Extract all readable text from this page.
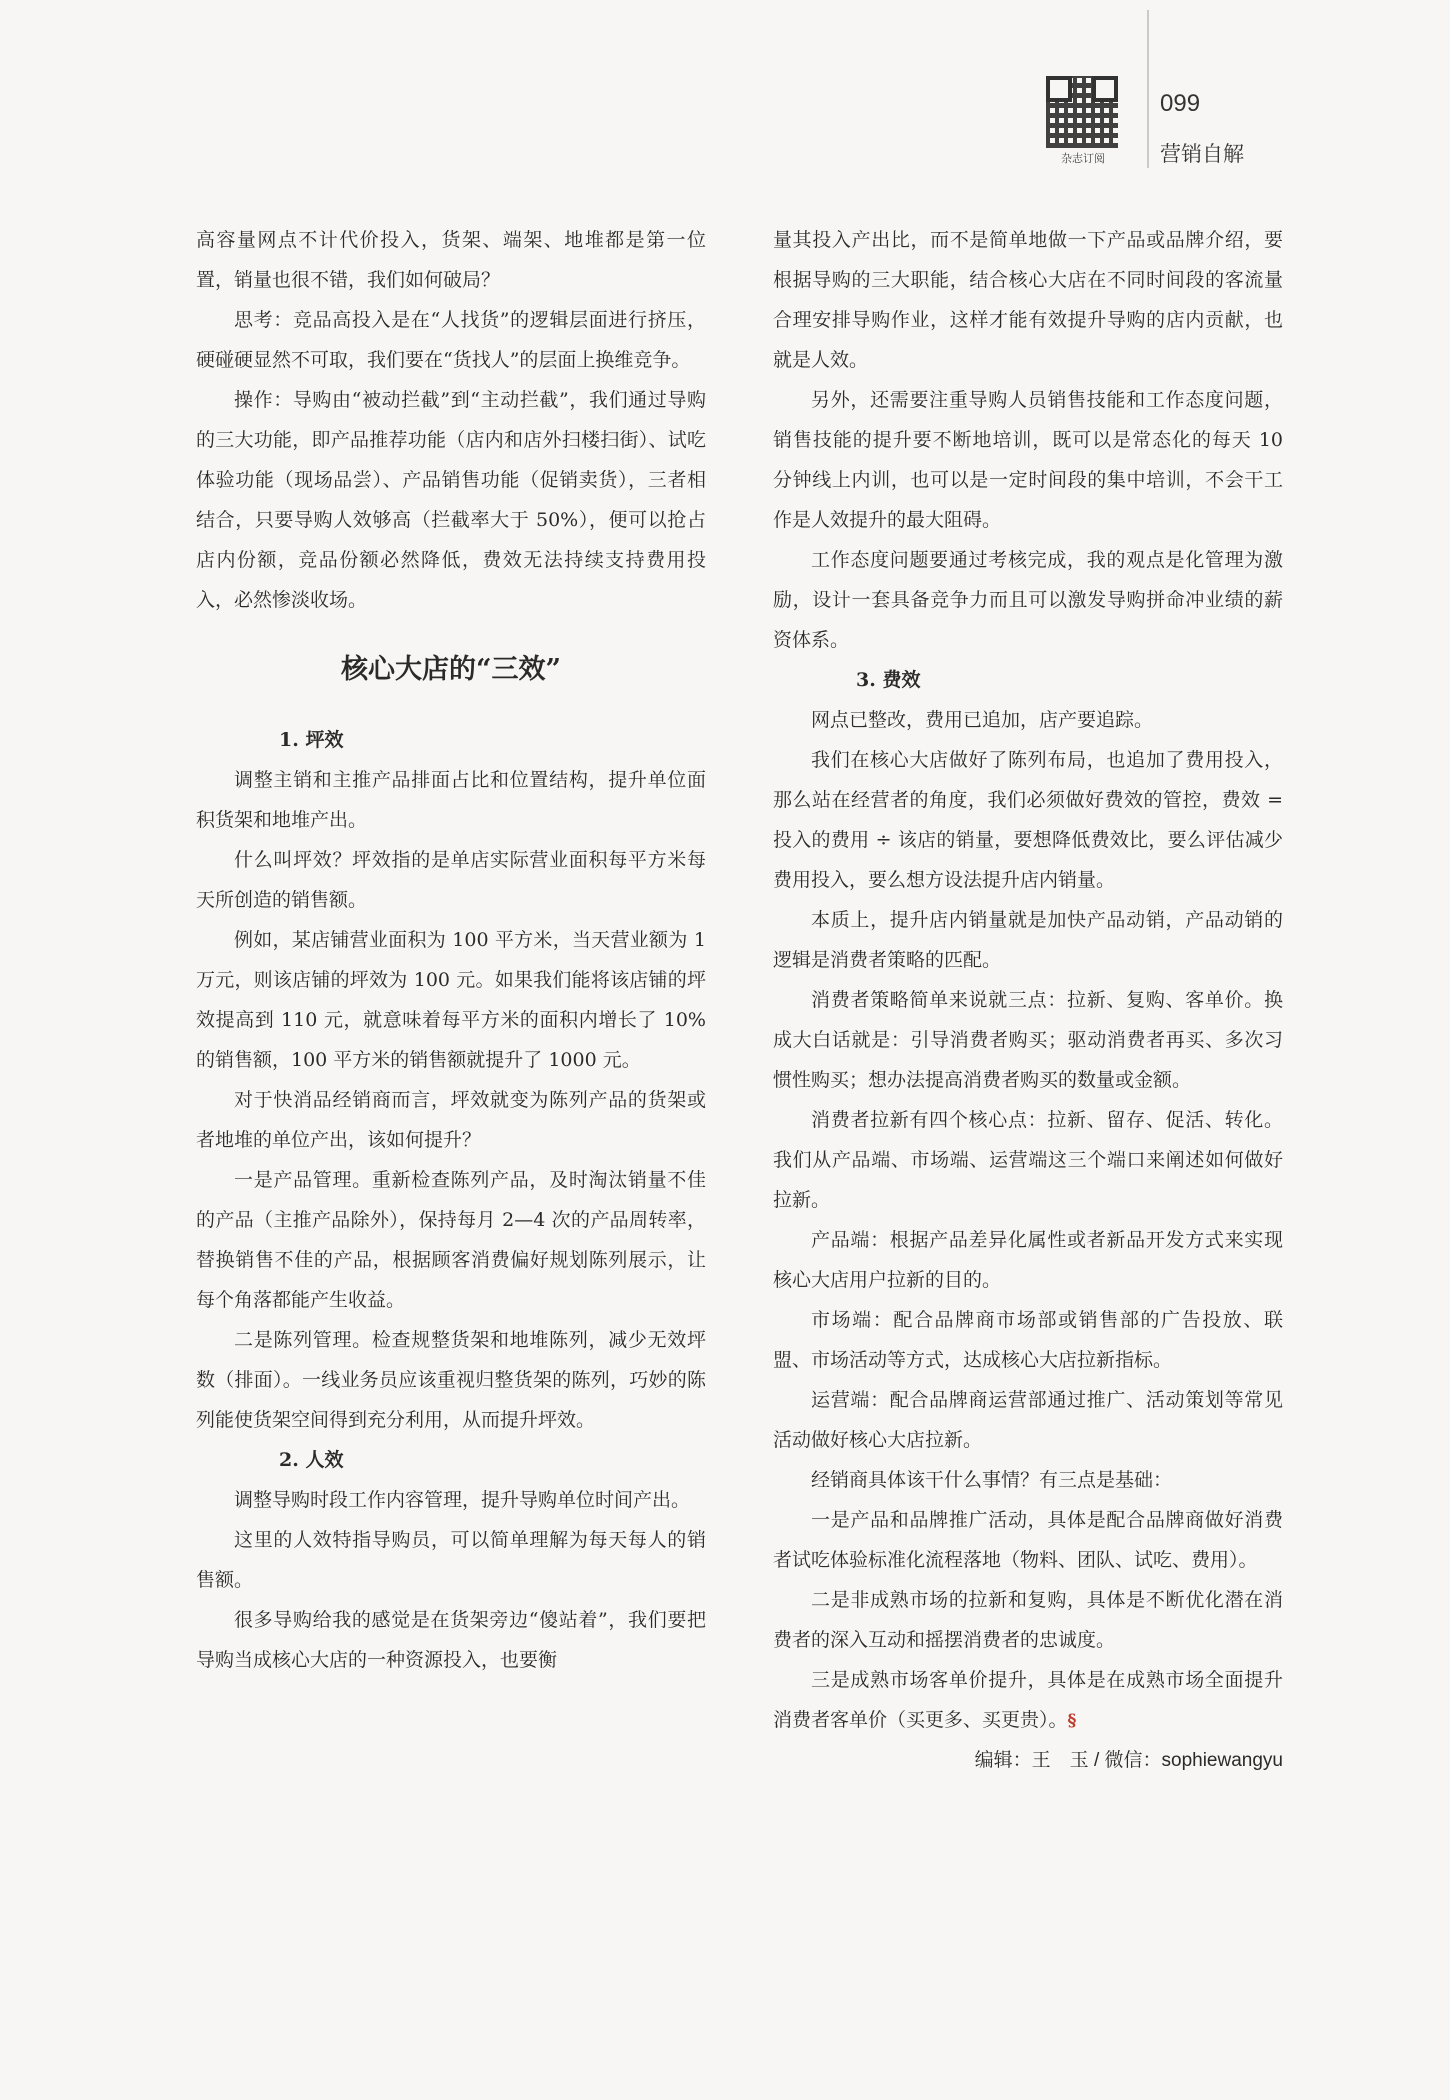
杂志订阅
099
营销自解

高容量网点不计代价投入，货架、端架、地堆都是第一位置，销量也很不错，我们如何破局？

思考：竞品高投入是在“人找货”的逻辑层面进行挤压，硬碰硬显然不可取，我们要在“货找人”的层面上换维竞争。

操作：导购由“被动拦截”到“主动拦截”，我们通过导购的三大功能，即产品推荐功能（店内和店外扫楼扫街）、试吃体验功能（现场品尝）、产品销售功能（促销卖货），三者相结合，只要导购人效够高（拦截率大于 50%），便可以抢占店内份额，竞品份额必然降低，费效无法持续支持费用投入，必然惨淡收场。

核心大店的“三效”

1. 坪效

调整主销和主推产品排面占比和位置结构，提升单位面积货架和地堆产出。

什么叫坪效？坪效指的是单店实际营业面积每平方米每天所创造的销售额。

例如，某店铺营业面积为 100 平方米，当天营业额为 1 万元，则该店铺的坪效为 100 元。如果我们能将该店铺的坪效提高到 110 元，就意味着每平方米的面积内增长了 10% 的销售额，100 平方米的销售额就提升了 1000 元。

对于快消品经销商而言，坪效就变为陈列产品的货架或者地堆的单位产出，该如何提升？

一是产品管理。重新检查陈列产品，及时淘汰销量不佳的产品（主推产品除外），保持每月 2—4 次的产品周转率，替换销售不佳的产品，根据顾客消费偏好规划陈列展示，让每个角落都能产生收益。

二是陈列管理。检查规整货架和地堆陈列，减少无效坪数（排面）。一线业务员应该重视归整货架的陈列，巧妙的陈列能使货架空间得到充分利用，从而提升坪效。

2. 人效

调整导购时段工作内容管理，提升导购单位时间产出。

这里的人效特指导购员，可以简单理解为每天每人的销售额。

很多导购给我的感觉是在货架旁边“傻站着”，我们要把导购当成核心大店的一种资源投入，也要衡

量其投入产出比，而不是简单地做一下产品或品牌介绍，要根据导购的三大职能，结合核心大店在不同时间段的客流量合理安排导购作业，这样才能有效提升导购的店内贡献，也就是人效。

另外，还需要注重导购人员销售技能和工作态度问题，销售技能的提升要不断地培训，既可以是常态化的每天 10 分钟线上内训，也可以是一定时间段的集中培训，不会干工作是人效提升的最大阻碍。

工作态度问题要通过考核完成，我的观点是化管理为激励，设计一套具备竞争力而且可以激发导购拼命冲业绩的薪资体系。

3. 费效

网点已整改，费用已追加，店产要追踪。

我们在核心大店做好了陈列布局，也追加了费用投入，那么站在经营者的角度，我们必须做好费效的管控，费效 = 投入的费用 ÷ 该店的销量，要想降低费效比，要么评估减少费用投入，要么想方设法提升店内销量。

本质上，提升店内销量就是加快产品动销，产品动销的逻辑是消费者策略的匹配。

消费者策略简单来说就三点：拉新、复购、客单价。换成大白话就是：引导消费者购买；驱动消费者再买、多次习惯性购买；想办法提高消费者购买的数量或金额。

消费者拉新有四个核心点：拉新、留存、促活、转化。我们从产品端、市场端、运营端这三个端口来阐述如何做好拉新。

产品端：根据产品差异化属性或者新品开发方式来实现核心大店用户拉新的目的。

市场端：配合品牌商市场部或销售部的广告投放、联盟、市场活动等方式，达成核心大店拉新指标。

运营端：配合品牌商运营部通过推广、活动策划等常见活动做好核心大店拉新。

经销商具体该干什么事情？有三点是基础：

一是产品和品牌推广活动，具体是配合品牌商做好消费者试吃体验标准化流程落地（物料、团队、试吃、费用）。

二是非成熟市场的拉新和复购，具体是不断优化潜在消费者的深入互动和摇摆消费者的忠诚度。

三是成熟市场客单价提升，具体是在成熟市场全面提升消费者客单价（买更多、买更贵）。§

编辑：王　玉 / 微信：sophiewangyu
